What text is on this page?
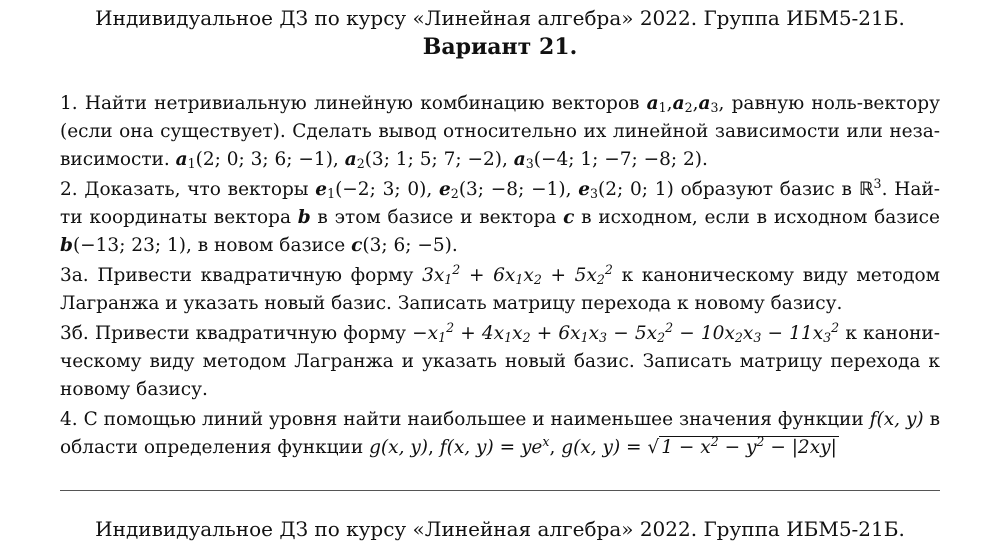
Индивидуальное ДЗ по курсу «Линейная алгебра» 2022. Группа ИБМ5-21Б.
Вариант 21.
1. Найти нетривиальную линейную комбинацию векторов $a_1,a_2,a_3$, равную ноль-вектору (если она существует). Сделать вывод относительно их линейной зависимости или неза-висимости. $a_1(2$; 0; 3; 6; −1), $a_2(3$; 1; 5; 7; −2), $a_3(-4$; 1; −7; −8; 2).
2. Доказать, что векторы $e_1(-2$; 3; 0), $e_2(3$; −8; −1), $e_3(2$; 0; 1) образуют базис в ℝ$^3$. Най-ти координаты вектора b в этом базисе и вектора c в исходном, если в исходном базисе b(−13; 23; 1), в новом базисе c(3; 6; −5).
3а. Привести квадратичную форму $3x_1^2 + 6x_1x_2 + 5x_2^2$ к каноническому виду методом Лагранжа и указать новый базис. Записать матрицу перехода к новому базису.
3б. Привести квадратичную форму $-x_1^2 + 4x_1x_2 + 6x_1x_3 - 5x_2^2 - 10x_2x_3 - 11x_3^2$ к канони-ческому виду методом Лагранжа и указать новый базис. Записать матрицу перехода к новому базису.
4. С помощью линий уровня найти наибольшее и наименьшее значения функции f(x, y) в области определения функции g(x, y), f(x, $y) = ye^x$, g(x, y) = √ $1 - x^2 - y^2 - |2xy|$
Индивидуальное ДЗ по курсу «Линейная алгебра» 2022. Группа ИБМ5-21Б.
